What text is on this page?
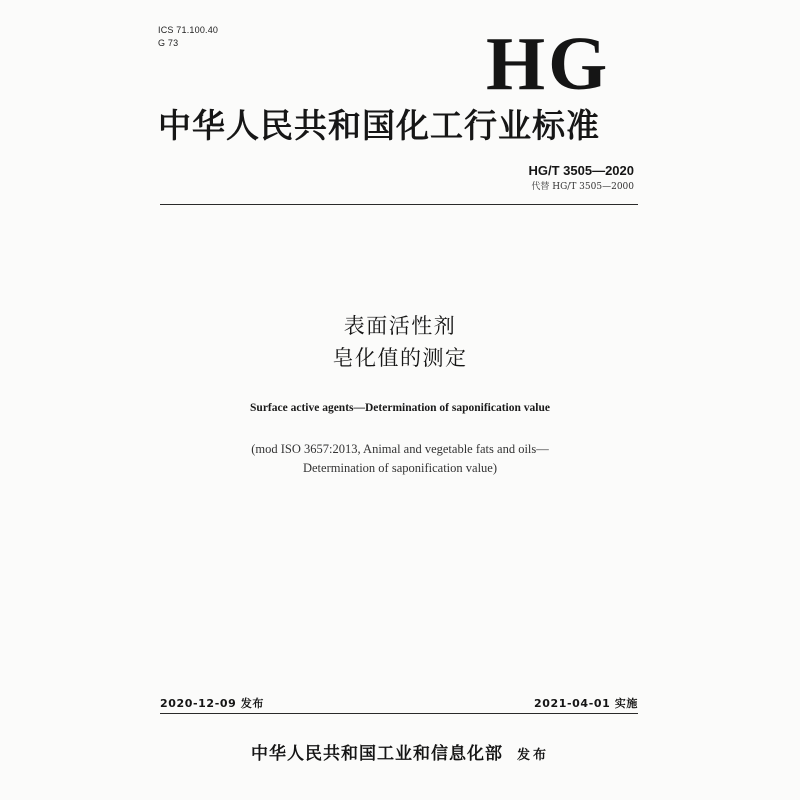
ICS 71.100.40
G 73	HG
中华人民共和国化工行业标准
HG/T 3505—2020
代替 HG/T 3505—2000
表面活性剂
皂化值的测定
Surface active agents—Determination of saponification value
(mod ISO 3657:2013, Animal and vegetable fats and oils—
Determination of saponification value)
2020-12-09 发布	2021-04-01 实施
中华人民共和国工业和信息化部 发布
